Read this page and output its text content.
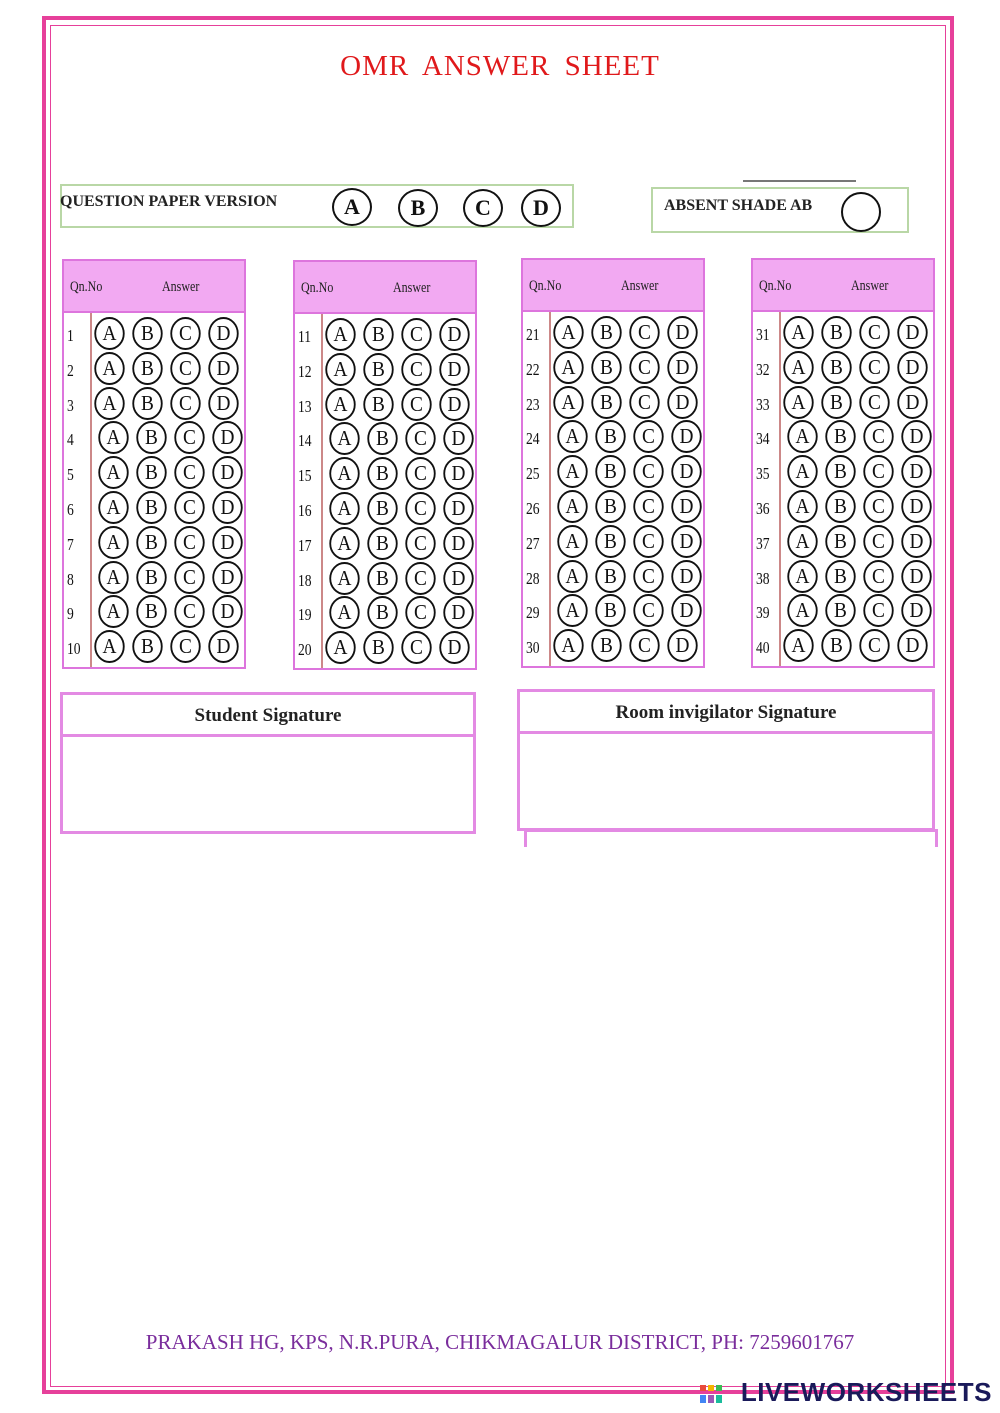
OMR ANSWER SHEET
QUESTION PAPER VERSION	A	B	C	D	ABSENT SHADE AB
Qn.No	Answer
1	A	B	C	D
2	A	B	C	D
3	A	B	C	D
4	A	B	C	D
5	A	B	C	D
6	A	B	C	D
7	A	B	C	D
8	A	B	C	D
9	A	B	C	D
10	A	B	C	D
Qn.No	Answer
11	A	B	C	D
12	A	B	C	D
13	A	B	C	D
14	A	B	C	D
15	A	B	C	D
16	A	B	C	D
17	A	B	C	D
18	A	B	C	D
19	A	B	C	D
20	A	B	C	D
Qn.No	Answer
21	A	B	C	D
22	A	B	C	D
23	A	B	C	D
24	A	B	C	D
25	A	B	C	D
26	A	B	C	D
27	A	B	C	D
28	A	B	C	D
29	A	B	C	D
30	A	B	C	D
Qn.No	Answer
31	A	B	C	D
32	A	B	C	D
33	A	B	C	D
34	A	B	C	D
35	A	B	C	D
36	A	B	C	D
37	A	B	C	D
38	A	B	C	D
39	A	B	C	D
40	A	B	C	D
Student Signature	Room invigilator Signature
PRAKASH HG, KPS, N.R.PURA, CHIKMAGALUR DISTRICT, PH: 7259601767
LIVEWORKSHEETS
